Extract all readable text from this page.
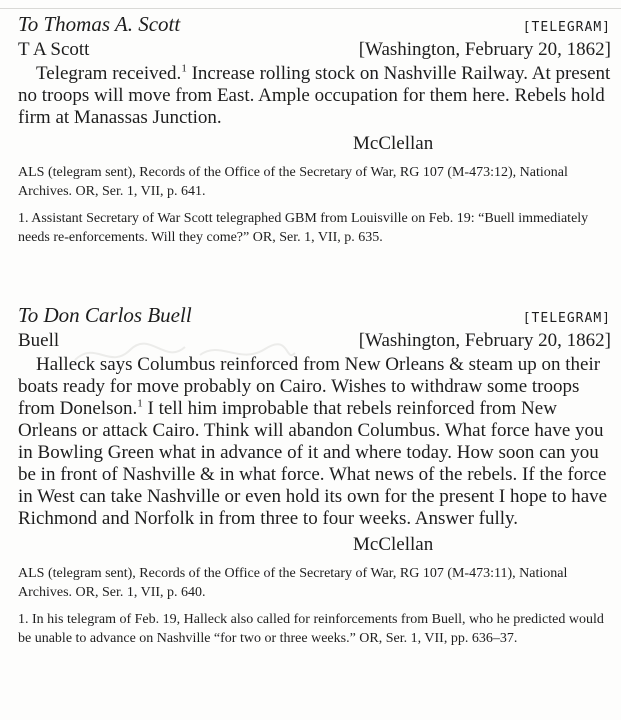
To Thomas A. Scott	[TELEGRAM]
T A Scott	[Washington, February 20, 1862]

Telegram received.$^1$ Increase rolling stock on Nashville Railway. At present no troops will move from East. Ample occupation for them here. Rebels hold firm at Manassas Junction.

McClellan

ALS (telegram sent), Records of the Office of the Secretary of War, RG 107 (M-473:12), National Archives. OR, Ser. 1, VII, p. 641.

1. Assistant Secretary of War Scott telegraphed GBM from Louisville on Feb. 19: “Buell immediately needs re-enforcements. Will they come?” OR, Ser. 1, VII, p. 635.

To Don Carlos Buell	[TELEGRAM]
Buell	[Washington, February 20, 1862]

Halleck says Columbus reinforced from New Orleans & steam up on their boats ready for move probably on Cairo. Wishes to withdraw some troops from Donelson.$^1$ I tell him improbable that rebels reinforced from New Orleans or attack Cairo. Think will abandon Columbus. What force have you in Bowling Green what in advance of it and where today. How soon can you be in front of Nashville & in what force. What news of the rebels. If the force in West can take Nashville or even hold its own for the present I hope to have Richmond and Norfolk in from three to four weeks. Answer fully.

McClellan

ALS (telegram sent), Records of the Office of the Secretary of War, RG 107 (M-473:11), National Archives. OR, Ser. 1, VII, p. 640.

1. In his telegram of Feb. 19, Halleck also called for reinforcements from Buell, who he predicted would be unable to advance on Nashville “for two or three weeks.” OR, Ser. 1, VII, pp. 636–37.
